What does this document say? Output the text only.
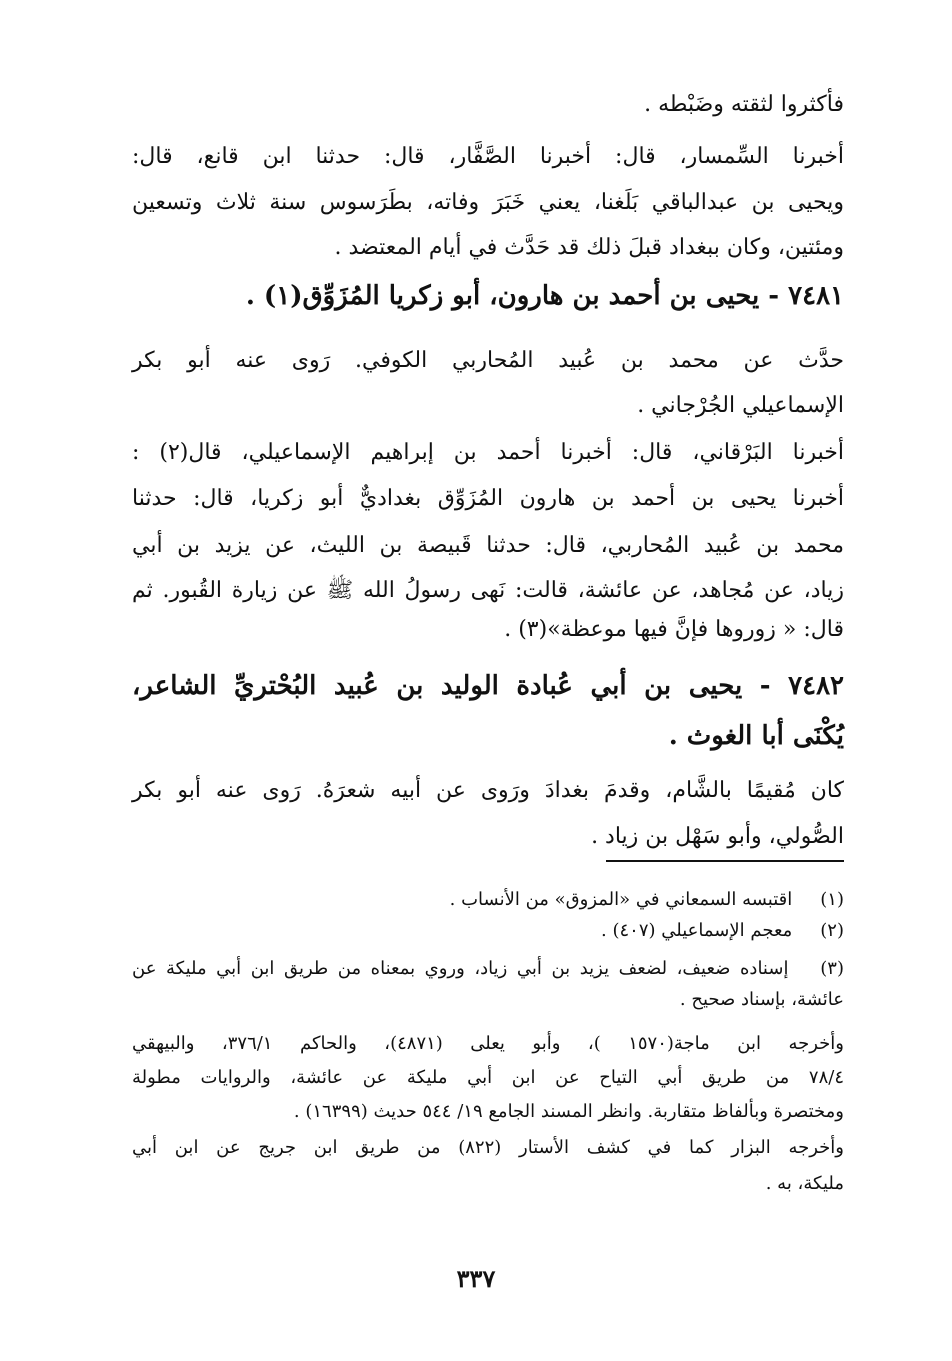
فأكثروا لثقته وضَبْطه .
أخبرنا السِّمسار، قال: أخبرنا الصَّفَّار، قال: حدثنا ابن قانع، قال:
ويحيى بن عبدالباقي بَلَغنا، يعني خَبَرَ وفاته، بطَرَسوس سنة ثلاث وتسعين
ومئتين، وكان ببغداد قبلَ ذلك قد حَدَّث في أيام المعتضد .
٧٤٨١ - يحيى بن أحمد بن هارون، أبو زكريا المُزَوِّق(١) .
حدَّث عن محمد بن عُبيد المُحاربي الكوفي. رَوى عنه أبو بكر
الإسماعيلي الجُرْجاني .
أخبرنا البَرْقاني، قال: أخبرنا أحمد بن إبراهيم الإسماعيلي، قال(٢) :
أخبرنا يحيى بن أحمد بن هارون المُزَوِّق بغداديٌّ أبو زكريا، قال: حدثنا
محمد بن عُبيد المُحاربي، قال: حدثنا قَبيصة بن الليث، عن يزيد بن أبي
زياد، عن مُجاهد، عن عائشة، قالت: نَهى رسولُ الله ﷺ عن زيارة القُبور. ثم
قال: « زوروها فإنَّ فيها موعظة»(٣) .
٧٤٨٢ - يحيى بن أبي عُبادة الوليد بن عُبيد البُحْتريِّ الشاعر،
يُكْنَى أبا الغوث .
كان مُقيمًا بالشَّام، وقدمَ بغدادَ ورَوى عن أبيه شعرَهُ. رَوى عنه أبو بكر
الصُّولي، وأبو سَهْل بن زياد .
(١) اقتبسه السمعاني في «المزوق» من الأنساب .
(٢) معجم الإسماعيلي (٤٠٧) .
(٣) إسناده ضعيف، لضعف يزيد بن أبي زياد، وروي بمعناه من طريق ابن أبي مليكة عن
عائشة، بإسناد صحيح .
وأخرجه ابن ماجة(١٥٧٠ )، وأبو يعلى (٤٨٧١)، والحاكم ٣٧٦/١، والبيهقي
٧٨/٤ من طريق أبي التياح عن ابن أبي مليكة عن عائشة، والروايات مطولة
ومختصرة وبألفاظ متقاربة. وانظر المسند الجامع ١٩/ ٥٤٤ حديث (١٦٣٩٩) .
وأخرجه البزار كما في كشف الأستار (٨٢٢) من طريق ابن جريج عن ابن أبي
مليكة، به .
٣٣٧
